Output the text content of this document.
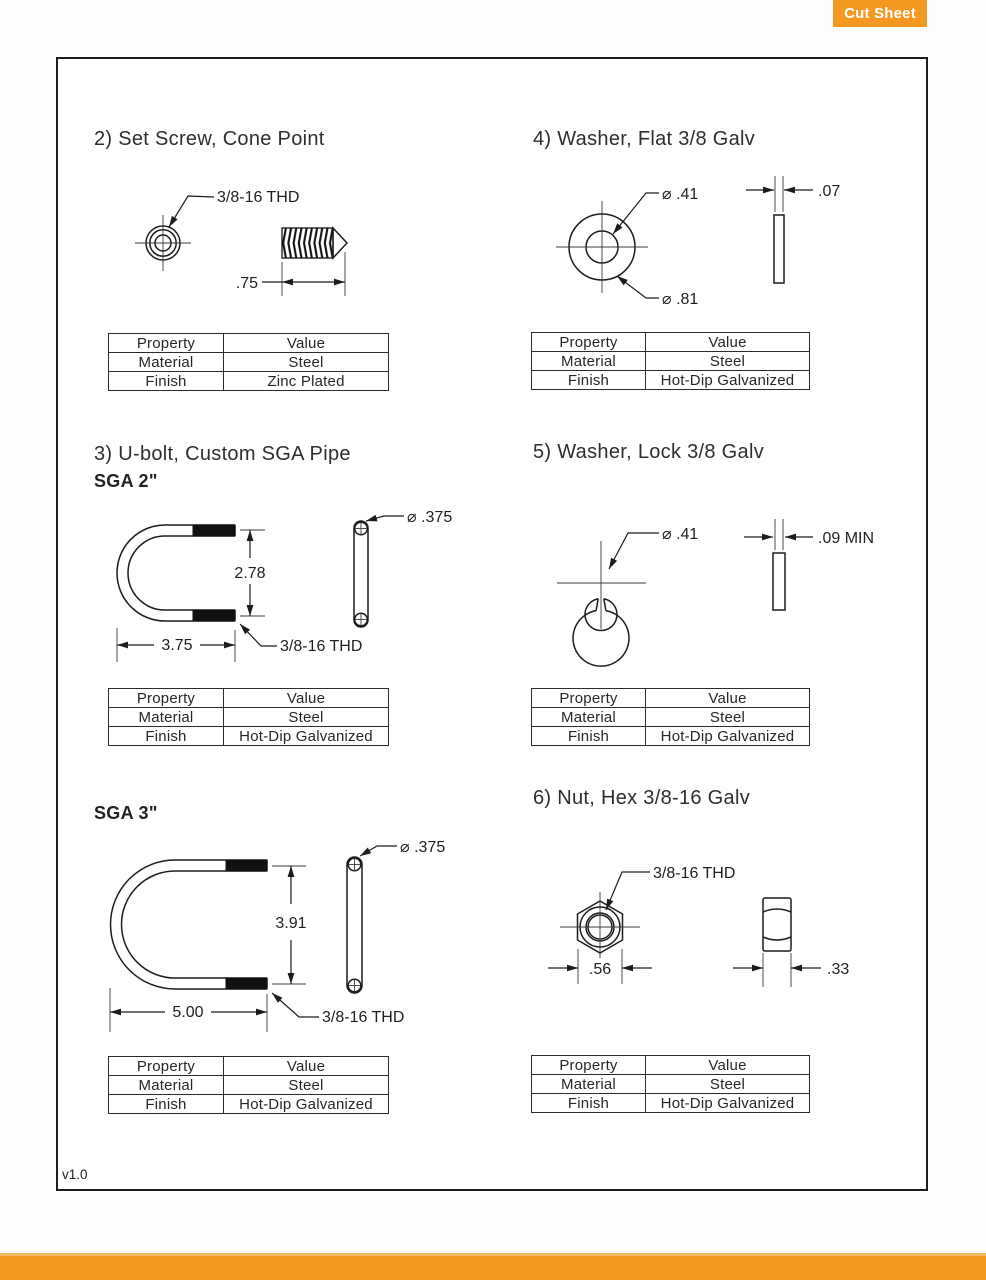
Cut Sheet
3/8-16 THD
.75
⌀ .41
⌀ .81
.07
2.78
3.75	3/8-16 THD
⌀ .375
3.91
5.00	3/8-16 THD
⌀ .375
⌀ .41	.09 MIN
3/8-16 THD
.56	.33
2) Set Screw, Cone Point	4) Washer, Flat 3/8 Galv
3) U-bolt, Custom SGA Pipe
SGA 2"
5) Washer, Lock 3/8 Galv
SGA 3"
6) Nut, Hex 3/8-16 Galv
Property	Value
Material	Steel
Finish	Zinc Plated
Property	Value
Material	Steel
Finish	Hot-Dip Galvanized
Property	Value
Material	Steel
Finish	Hot-Dip Galvanized
Property	Value
Material	Steel
Finish	Hot-Dip Galvanized
Property	Value
Material	Steel
Finish	Hot-Dip Galvanized
Property	Value
Material	Steel
Finish	Hot-Dip Galvanized
v1.0
